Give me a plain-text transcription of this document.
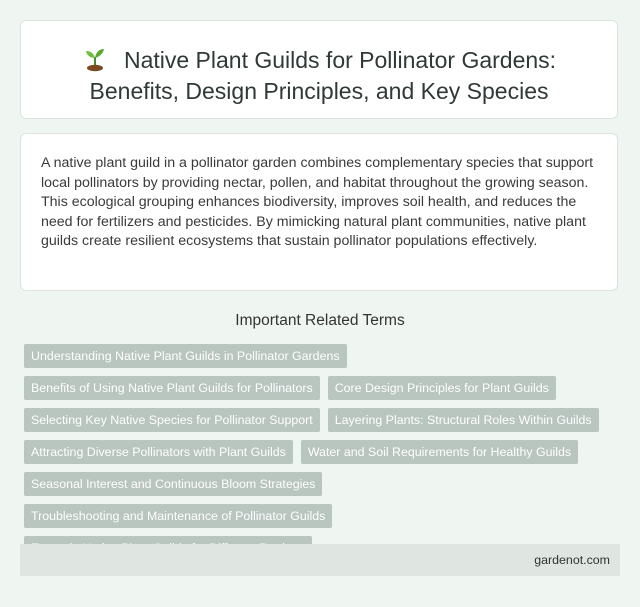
Native Plant Guilds for Pollinator Gardens:
Benefits, Design Principles, and Key Species

A native plant guild in a pollinator garden combines complementary species that support local pollinators by providing nectar, pollen, and habitat throughout the growing season. This ecological grouping enhances biodiversity, improves soil health, and reduces the need for fertilizers and pesticides. By mimicking natural plant communities, native plant guilds create resilient ecosystems that sustain pollinator populations effectively.

Important Related Terms
Understanding Native Plant Guilds in Pollinator Gardens
Benefits of Using Native Plant Guilds for Pollinators	Core Design Principles for Plant Guilds
Selecting Key Native Species for Pollinator Support	Layering Plants: Structural Roles Within Guilds
Attracting Diverse Pollinators with Plant Guilds	Water and Soil Requirements for Healthy Guilds
Seasonal Interest and Continuous Bloom Strategies
Troubleshooting and Maintenance of Pollinator Guilds
gardenot.com
